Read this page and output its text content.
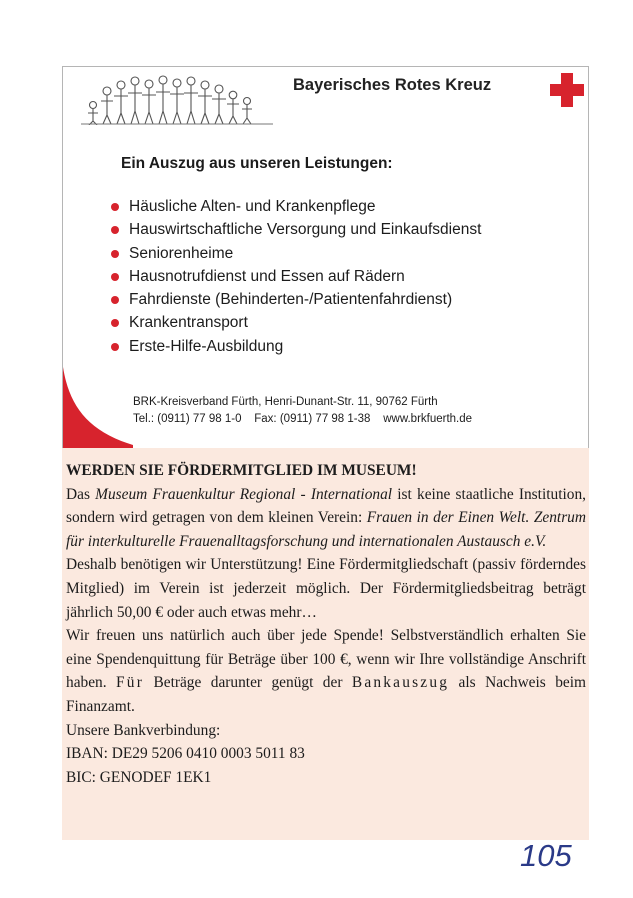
Bayerisches Rotes Kreuz
Ein Auszug aus unseren Leistungen:
Häusliche Alten- und Krankenpflege
Hauswirtschaftliche Versorgung und Einkaufsdienst
Seniorenheime
Hausnotrufdienst und Essen auf Rädern
Fahrdienste (Behinderten-/Patientenfahrdienst)
Krankentransport
Erste-Hilfe-Ausbildung
BRK-Kreisverband Fürth, Henri-Dunant-Str. 11, 90762 Fürth
Tel.: (0911) 77 98 1-0 Fax: (0911) 77 98 1-38 www.brkfuerth.de
WERDEN SIE FÖRDERMITGLIED IM MUSEUM!

Das Museum Frauenkultur Regional - International ist keine staatliche Institution, sondern wird getragen von dem kleinen Verein: Frauen in der Einen Welt. Zentrum für interkulturelle Frauenalltagsforschung und internationalen Austausch e.V.

Deshalb benötigen wir Unterstützung! Eine Fördermitgliedschaft (passiv förderndes Mitglied) im Verein ist jederzeit möglich. Der Fördermitgliedsbeitrag beträgt jährlich 50,00 € oder auch etwas mehr…

Wir freuen uns natürlich auch über jede Spende! Selbstverständlich erhalten Sie eine Spendenquittung für Beträge über 100 €, wenn wir Ihre vollständige Anschrift haben. Für Beträge darunter genügt der Bankauszug als Nachweis beim Finanzamt.

Unsere Bankverbindung:

IBAN: DE29 5206 0410 0003 5011 83

BIC: GENODEF 1EK1

105
